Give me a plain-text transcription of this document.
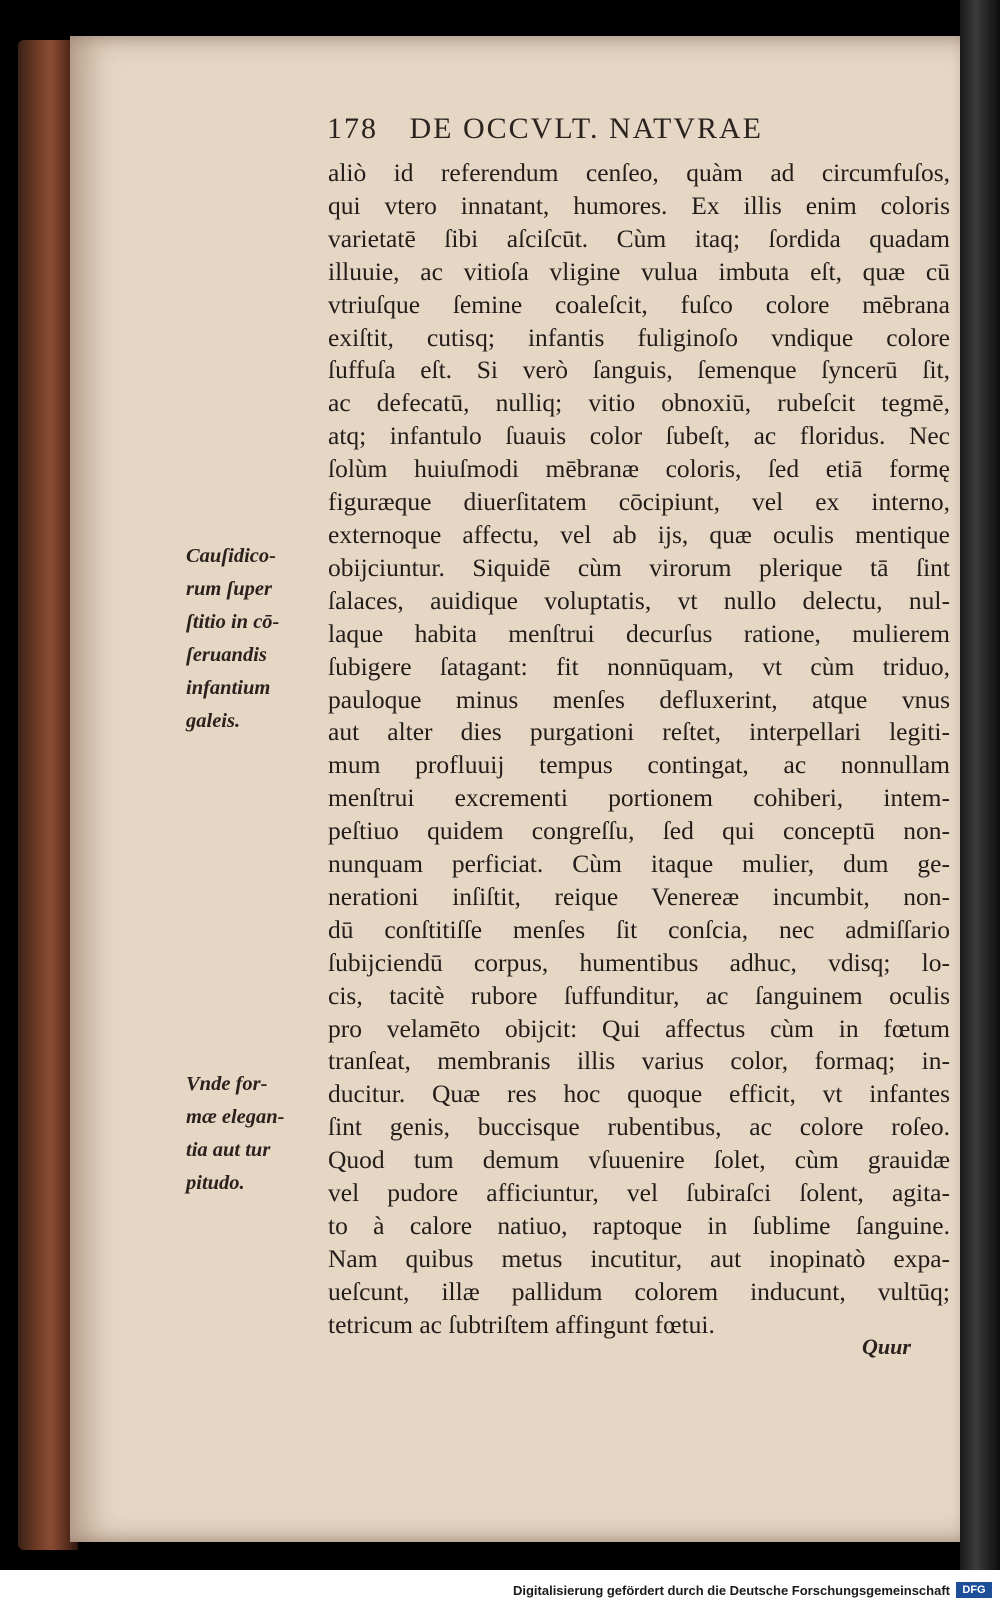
178 DE OCCVLT. NATVRAE
aliò id referendum cenſeo, quàm ad circumfuſos,
qui vtero innatant, humores. Ex illis enim coloris
varietatē ſibi aſciſcūt. Cùm itaq; ſordida quadam
illuuie, ac vitioſa vligine vulua imbuta eſt, quæ cū
vtriuſque ſemine coaleſcit, fuſco colore mēbrana
exiſtit, cutisq; infantis fuliginoſo vndique colore
ſuffuſa eſt. Si verò ſanguis, ſemenque ſyncerū ſit,
ac defecatū, nulliq; vitio obnoxiū, rubeſcit tegmē,
atq; infantulo ſuauis color ſubeſt, ac floridus. Nec
ſolùm huiuſmodi mēbranæ coloris, ſed etiā formę
figuræque diuerſitatem cōcipiunt, vel ex interno,
externoque affectu, vel ab ijs, quæ oculis mentique
obijciuntur. Siquidē cùm virorum plerique tā ſint
ſalaces, auidique voluptatis, vt nullo delectu, nul-
laque habita menſtrui decurſus ratione, mulierem
ſubigere ſatagant: fit nonnūquam, vt cùm triduo,
pauloque minus menſes defluxerint, atque vnus
aut alter dies purgationi reſtet, interpellari legiti-
mum profluuij tempus contingat, ac nonnullam
menſtrui excrementi portionem cohiberi, intem-
peſtiuo quidem congreſſu, ſed qui conceptū non-
nunquam perficiat. Cùm itaque mulier, dum ge-
nerationi inſiſtit, reique Venereæ incumbit, non-
dū conſtitiſſe menſes ſit conſcia, nec admiſſario
ſubijciendū corpus, humentibus adhuc, vdisq; lo-
cis, tacitè rubore ſuffunditur, ac ſanguinem oculis
pro velamēto obijcit: Qui affectus cùm in fœtum
tranſeat, membranis illis varius color, formaq; in-
ducitur. Quæ res hoc quoque efficit, vt infantes
ſint genis, buccisque rubentibus, ac colore roſeo.
Quod tum demum vſuuenire ſolet, cùm grauidæ
vel pudore afficiuntur, vel ſubiraſci ſolent, agita-
to à calore natiuo, raptoque in ſublime ſanguine.
Nam quibus metus incutitur, aut inopinatò expa-
ueſcunt, illæ pallidum colorem inducunt, vultūq;
tetricum ac ſubtriſtem affingunt fœtui.
Cauſidico-
rum ſuper
ſtitio in cō-
ſeruandis
infantium
galeis.
Vnde for-
mæ elegan-
tia aut tur
pitudo.
Quur
Digitalisierung gefördert durch die Deutsche Forschungsgemeinschaft	DFG
